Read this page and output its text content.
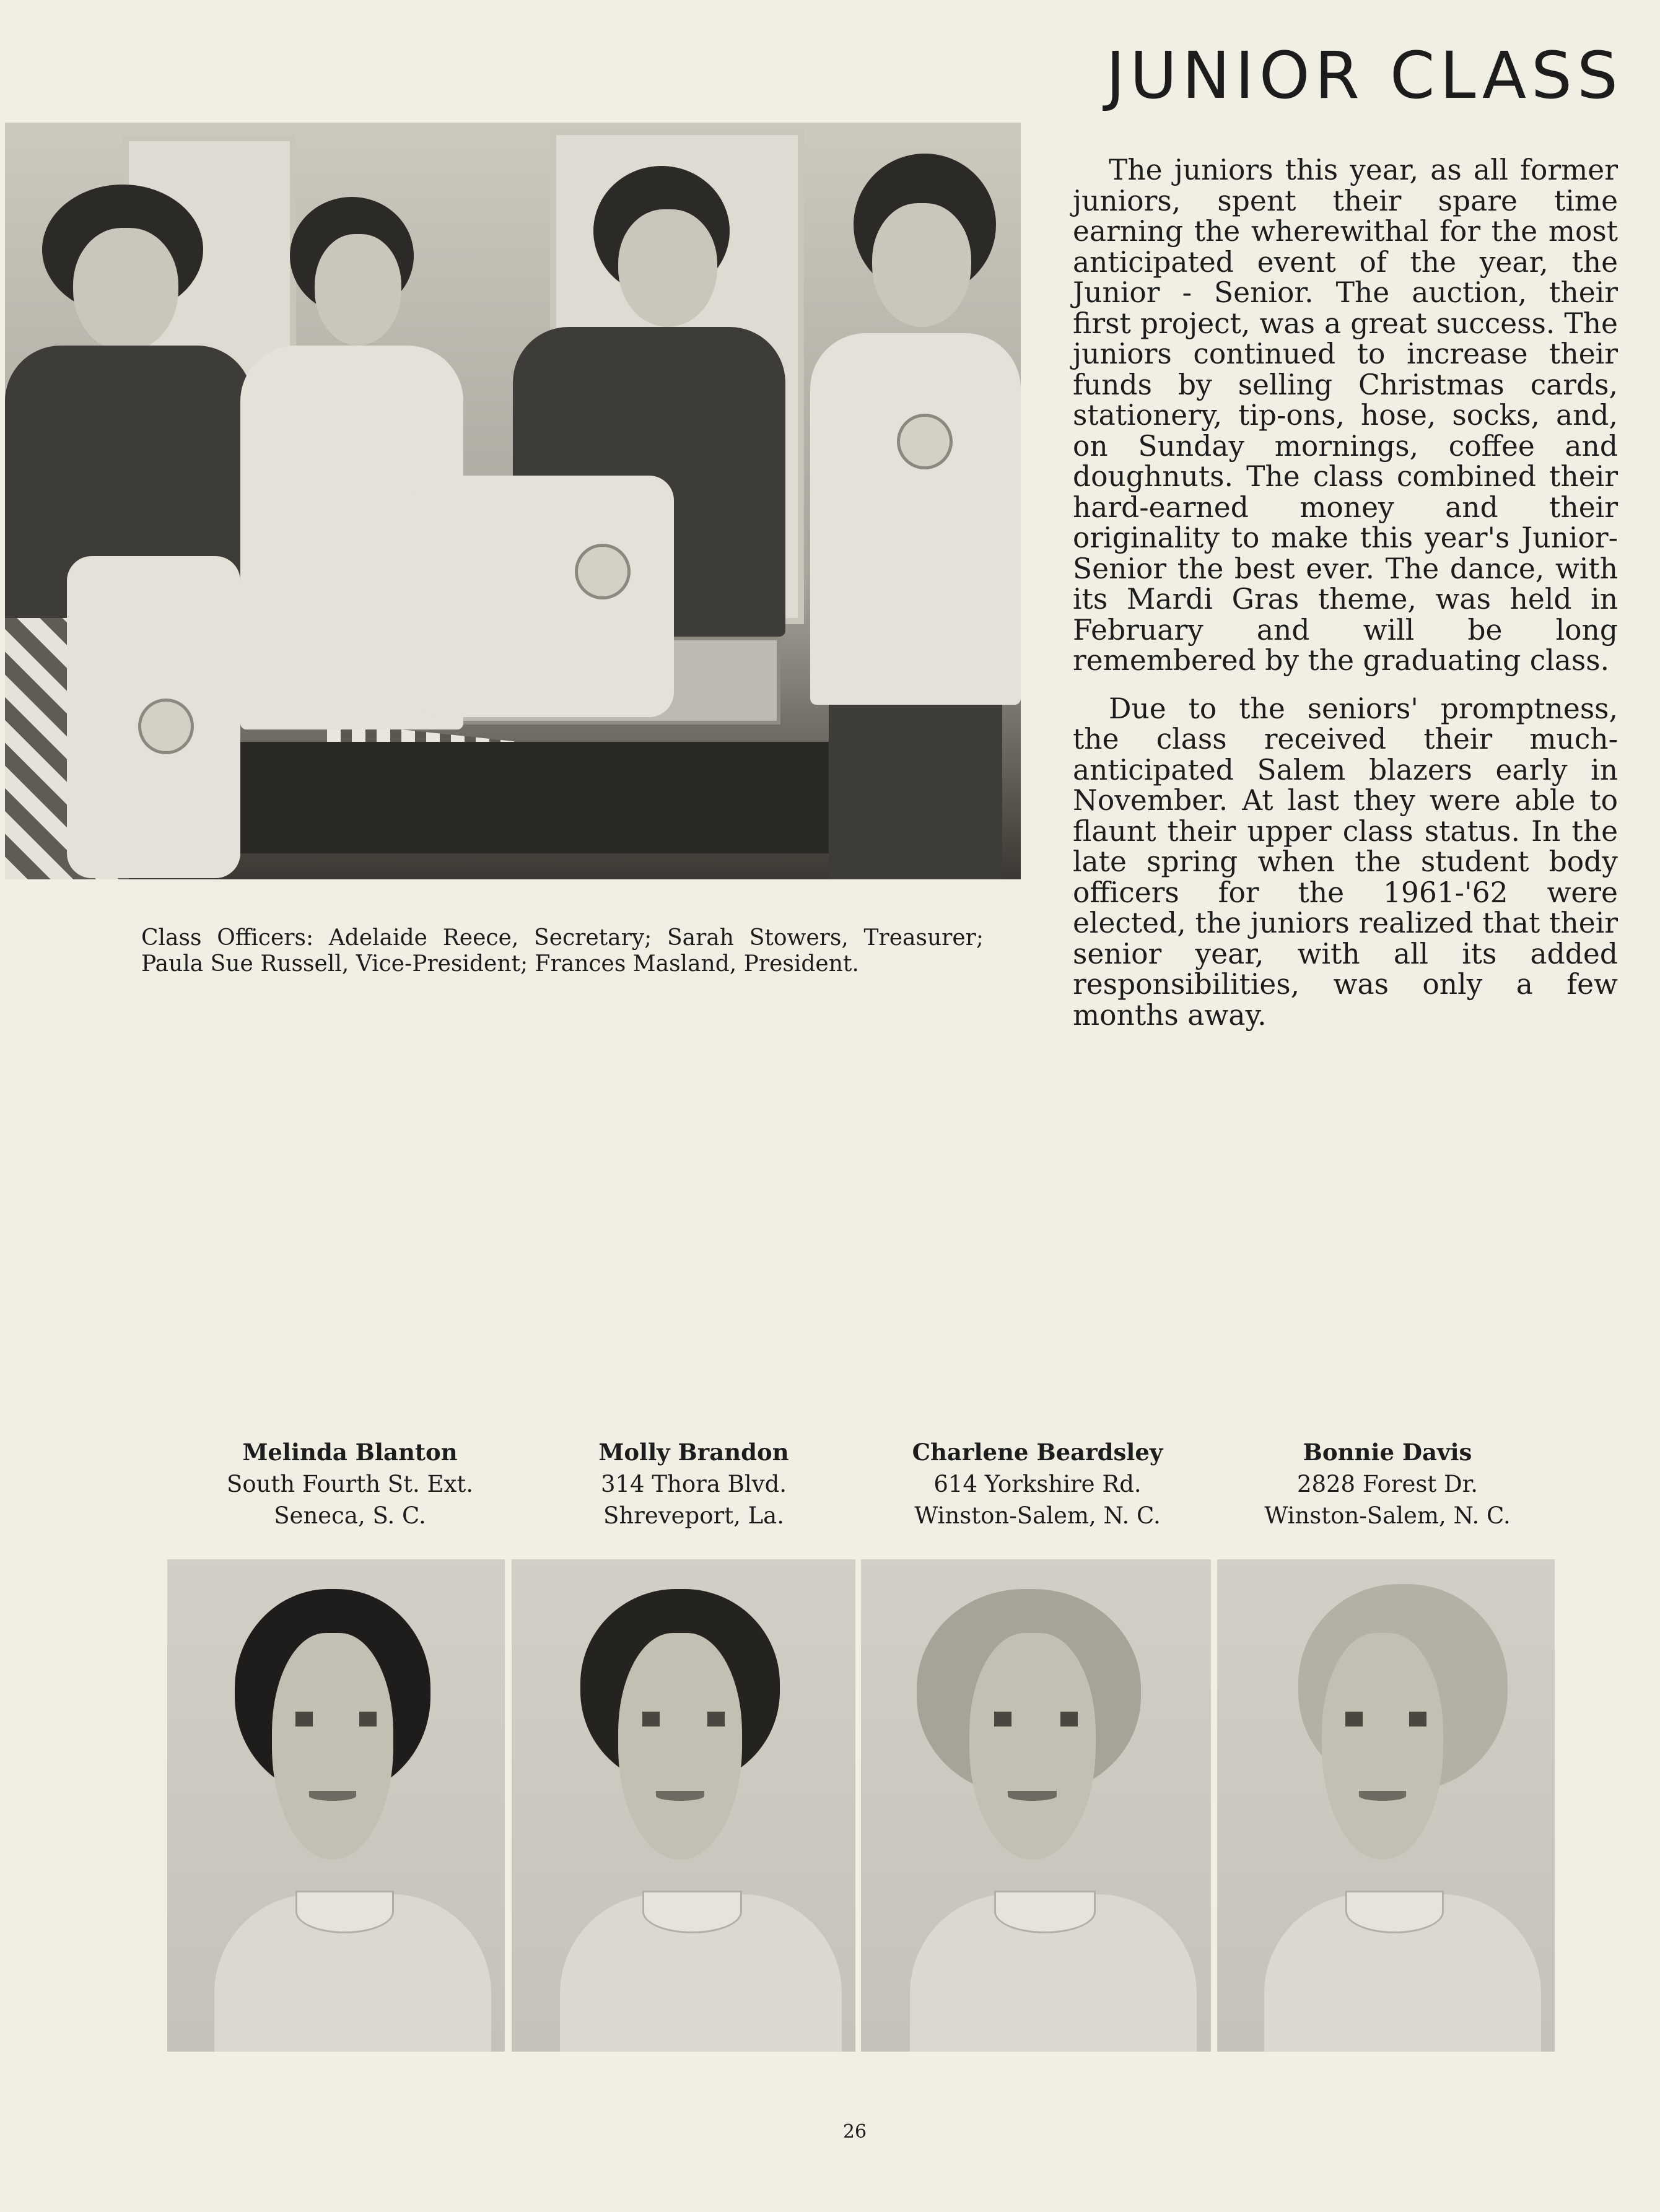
JUNIOR CLASS
Class Officers: Adelaide Reece, Secretary; Sarah Stowers, Treasurer; Paula Sue Russell, Vice-President; Frances Masland, President.

The juniors this year, as all former juniors, spent their spare time earning the wherewithal for the most anticipated event of the year, the Junior - Senior. The auction, their first project, was a great success. The juniors continued to increase their funds by selling Christmas cards, stationery, tip-ons, hose, socks, and, on Sunday mornings, coffee and doughnuts. The class combined their hard-earned money and their originality to make this year's Junior-Senior the best ever. The dance, with its Mardi Gras theme, was held in February and will be long remembered by the graduating class.

Due to the seniors' promptness, the class received their much-anticipated Salem blazers early in November. At last they were able to flaunt their upper class status. In the late spring when the student body officers for the 1961-'62 were elected, the juniors realized that their senior year, with all its added responsibilities, was only a few months away.

Melinda Blanton
South Fourth St. Ext.
Seneca, S. C.
Molly Brandon
314 Thora Blvd.
Shreveport, La.
Charlene Beardsley
614 Yorkshire Rd.
Winston-Salem, N. C.
Bonnie Davis
2828 Forest Dr.
Winston-Salem, N. C.
26
